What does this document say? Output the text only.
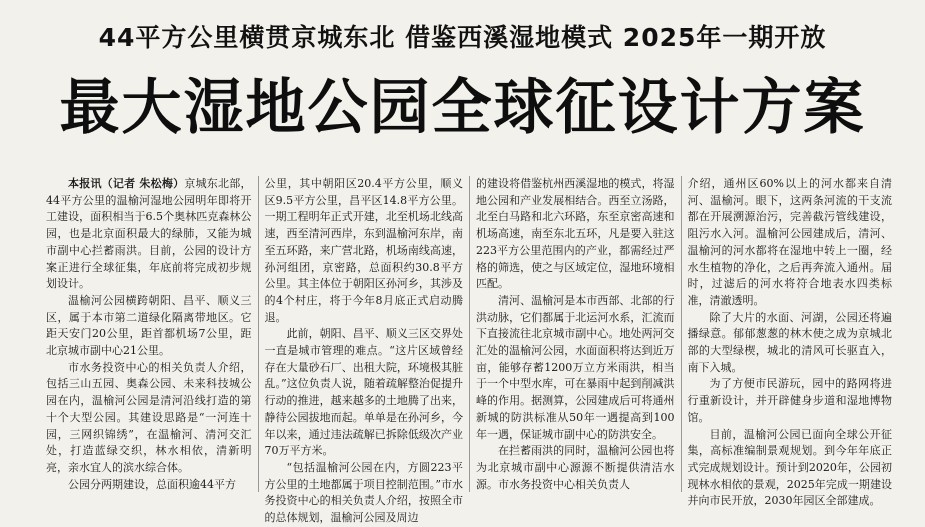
44平方公里横贯京城东北 借鉴西溪湿地模式 2025年一期开放
最大湿地公园全球征设计方案

本报讯（记者 朱松梅）京城东北部，44平方公里的温榆河湿地公园明年即将开工建设，面积相当于6.5个奥林匹克森林公园，也是北京面积最大的绿肺，又能为城市副中心拦蓄雨洪。目前，公园的设计方案正进行全球征集，年底前将完成初步规划设计。

温榆河公园横跨朝阳、昌平、顺义三区，属于本市第二道绿化隔离带地区。它距天安门20公里，距首都机场7公里，距北京城市副中心21公里。

市水务投资中心的相关负责人介绍，包括三山五园、奥森公园、未来科技城公园在内，温榆河公园是清河沿线打造的第十个大型公园。其建设思路是“一河连十园，三网织锦绣”，在温榆河、清河交汇处，打造蓝绿交织，林水相依，清新明亮，亲水宜人的滨水综合体。

公园分两期建设，总面积逾44平方

公里，其中朝阳区20.4平方公里，顺义区9.5平方公里，昌平区14.8平方公里。一期工程明年正式开建，北至机场北线高速，西至清河西岸，东到温榆河东岸，南至五环路，来广营北路，机场南线高速，孙河组团，京密路，总面积约30.8平方公里。其主体位于朝阳区孙河乡，其涉及的4个村庄，将于今年8月底正式启动腾退。

此前，朝阳、昌平、顺义三区交界处一直是城市管理的难点。“这片区域曾经存在大量砂石厂、出租大院，环境极其脏乱。”这位负责人说，随着疏解整治促提升行动的推进，越来越多的土地腾了出来，静待公园拔地而起。单单是在孙河乡，今年以来，通过违法疏解已拆除低级次产业70万平方米。

“包括温榆河公园在内，方圆223平方公里的土地都属于项目控制范围。”市水务投资中心的相关负责人介绍，按照全市的总体规划，温榆河公园及周边

的建设将借鉴杭州西溪湿地的模式，将湿地公园和产业发展相结合。西至立汤路，北至白马路和北六环路，东至京密高速和机场高速，南至东北五环，凡是要入驻这223平方公里范围内的产业，都需经过严格的筛选，使之与区域定位，湿地环境相匹配。

清河、温榆河是本市西部、北部的行洪动脉，它们都属于北运河水系，汇流而下直接流往北京城市副中心。地处两河交汇处的温榆河公园，水面面积将达到近万亩，能够存蓄1200万立方米雨洪，相当于一个中型水库，可在暴雨中起到削减洪峰的作用。据测算，公园建成后可将通州新城的防洪标准从50年一遇提高到100年一遇，保证城市副中心的防洪安全。

在拦蓄雨洪的同时，温榆河公园也将为北京城市副中心源源不断提供清洁水源。市水务投资中心相关负责人

介绍，通州区60%以上的河水都来自清河、温榆河。眼下，这两条河流的干支流都在开展溯源治污，完善截污管线建设，阻污水入河。温榆河公园建成后，清河、温榆河的河水都将在湿地中转上一圈，经水生植物的净化，之后再奔流入通州。届时，过滤后的河水将符合地表水四类标准，清澈透明。

除了大片的水面、河湖，公园还将遍播绿意。郁郁葱葱的林木使之成为京城北部的大型绿楔，城北的清风可长驱直入，南下入城。

为了方便市民游玩，园中的路网将进行重新设计，并开辟健身步道和湿地博物馆。

目前，温榆河公园已面向全球公开征集，高标准编制景观规划。到今年年底正式完成规划设计。预计到2020年，公园初现林水相依的景观，2025年完成一期建设并向市民开放，2030年园区全部建成。
